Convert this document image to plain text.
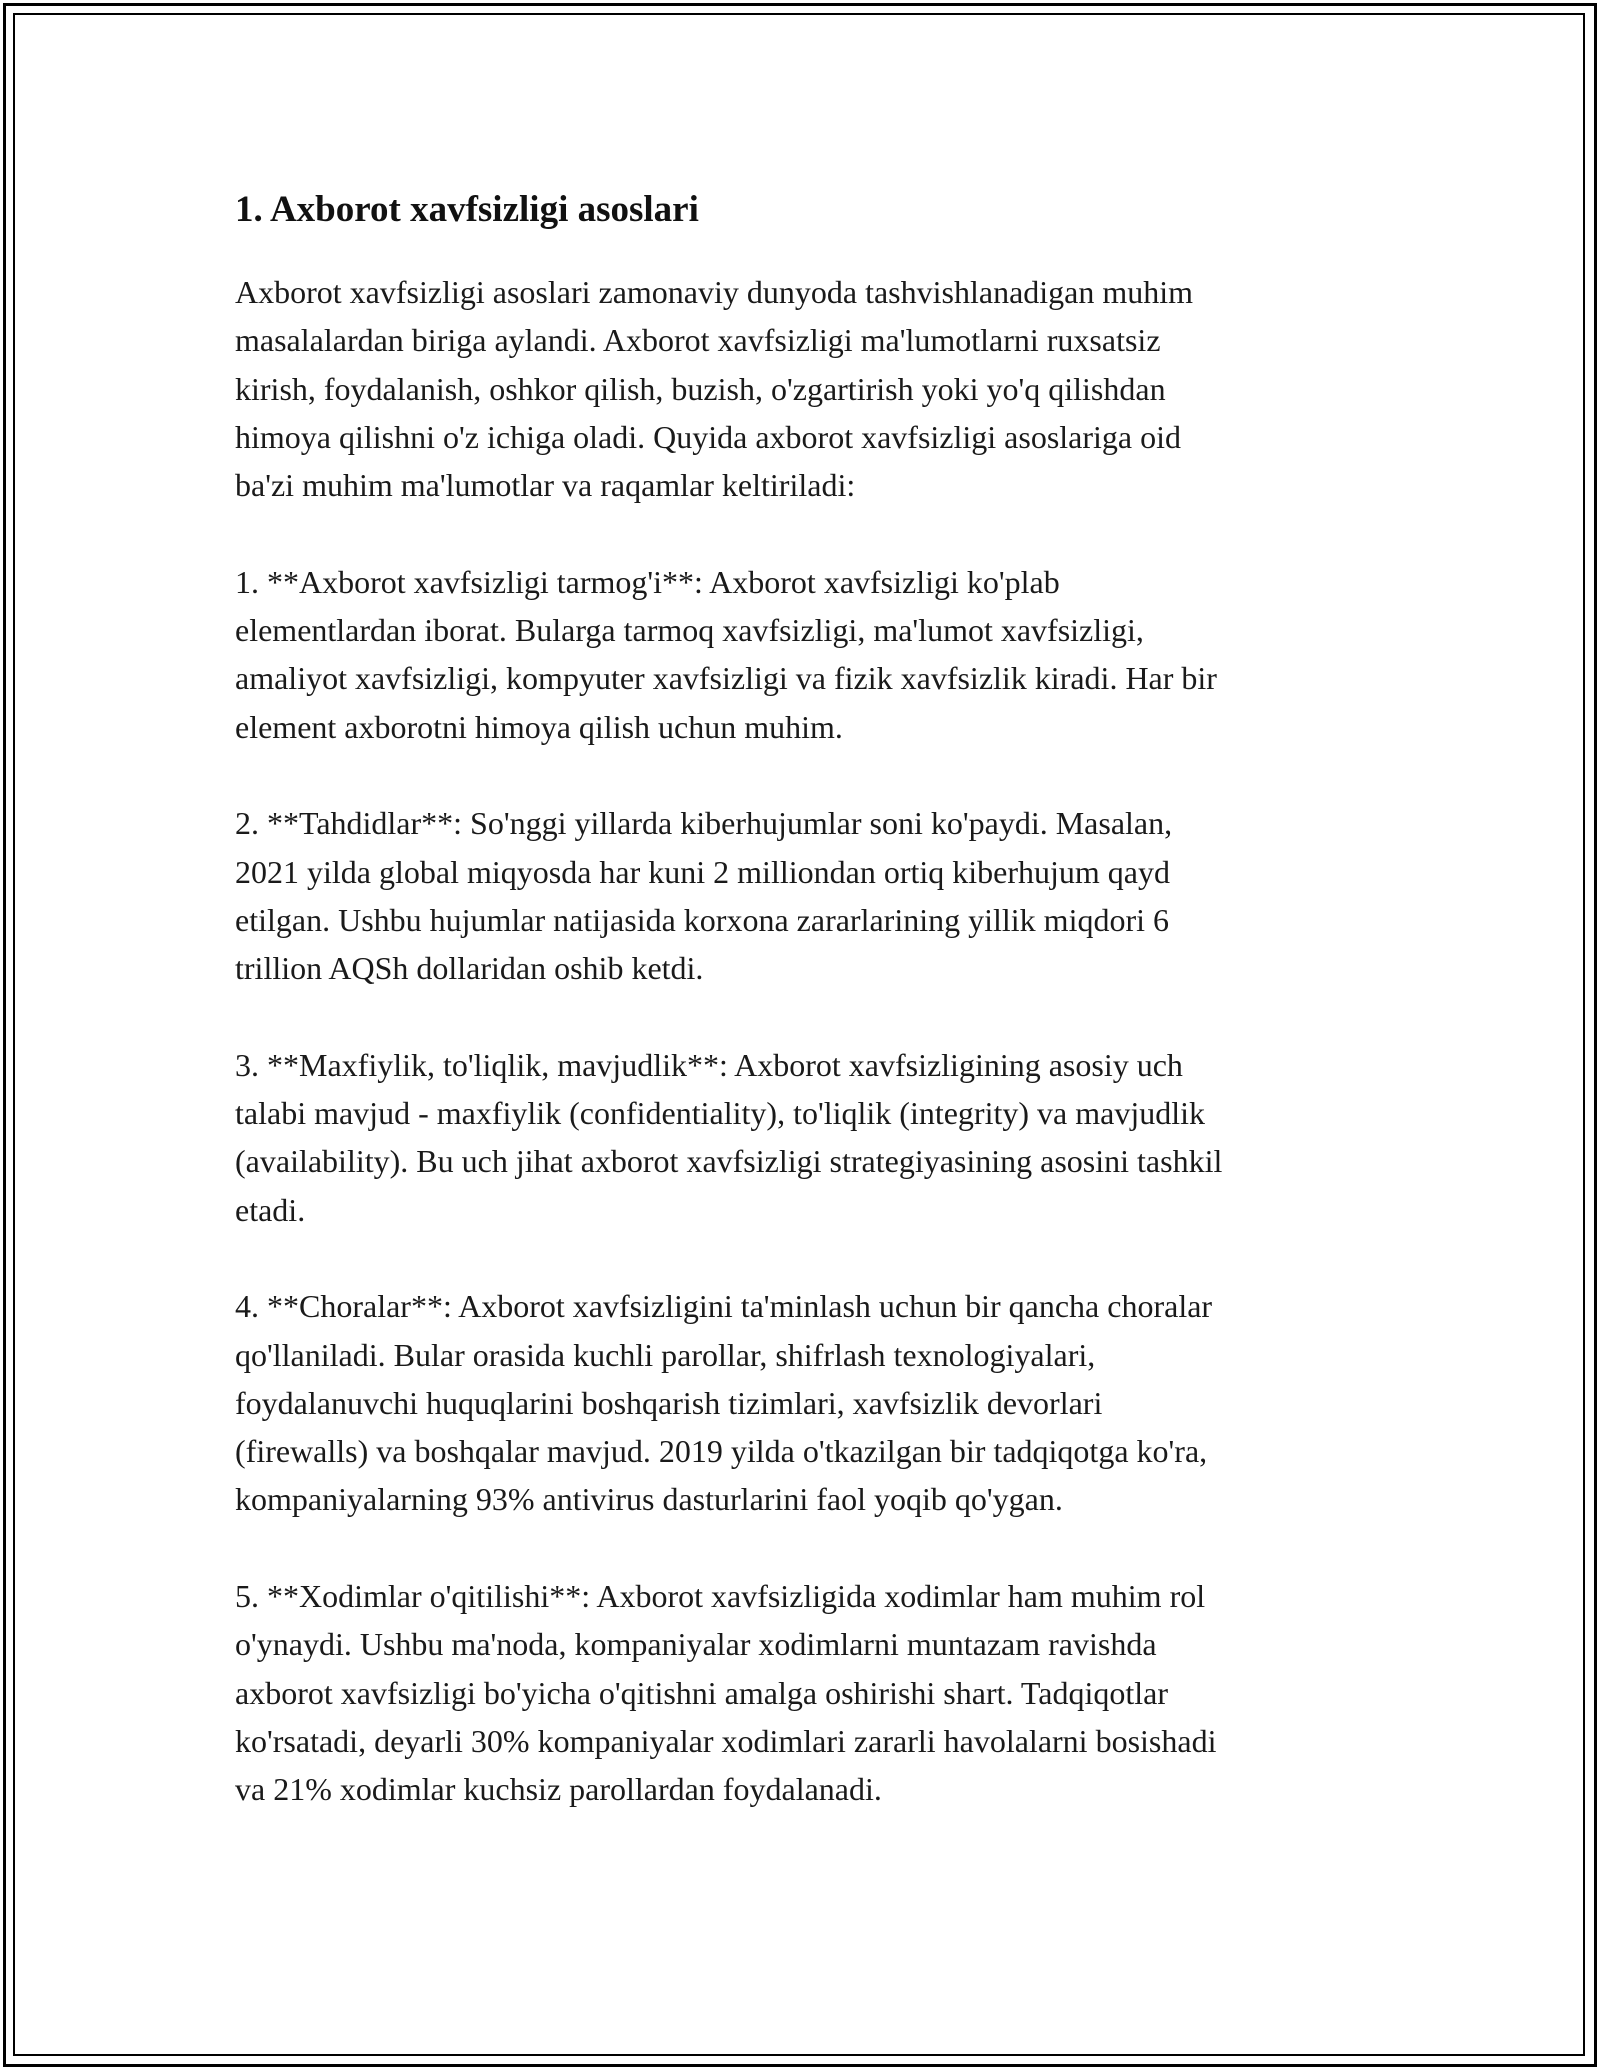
1. Axborot xavfsizligi asoslari

Axborot xavfsizligi asoslari zamonaviy dunyoda tashvishlanadigan muhim
masalalardan biriga aylandi. Axborot xavfsizligi ma'lumotlarni ruxsatsiz
kirish, foydalanish, oshkor qilish, buzish, o'zgartirish yoki yo'q qilishdan
himoya qilishni o'z ichiga oladi. Quyida axborot xavfsizligi asoslariga oid
ba'zi muhim ma'lumotlar va raqamlar keltiriladi:

1. **Axborot xavfsizligi tarmog'i**: Axborot xavfsizligi ko'plab
elementlardan iborat. Bularga tarmoq xavfsizligi, ma'lumot xavfsizligi,
amaliyot xavfsizligi, kompyuter xavfsizligi va fizik xavfsizlik kiradi. Har bir
element axborotni himoya qilish uchun muhim.

2. **Tahdidlar**: So'nggi yillarda kiberhujumlar soni ko'paydi. Masalan,
2021 yilda global miqyosda har kuni 2 milliondan ortiq kiberhujum qayd
etilgan. Ushbu hujumlar natijasida korxona zararlarining yillik miqdori 6
trillion AQSh dollaridan oshib ketdi.

3. **Maxfiylik, to'liqlik, mavjudlik**: Axborot xavfsizligining asosiy uch
talabi mavjud - maxfiylik (confidentiality), to'liqlik (integrity) va mavjudlik
(availability). Bu uch jihat axborot xavfsizligi strategiyasining asosini tashkil
etadi.

4. **Choralar**: Axborot xavfsizligini ta'minlash uchun bir qancha choralar
qo'llaniladi. Bular orasida kuchli parollar, shifrlash texnologiyalari,
foydalanuvchi huquqlarini boshqarish tizimlari, xavfsizlik devorlari
(firewalls) va boshqalar mavjud. 2019 yilda o'tkazilgan bir tadqiqotga ko'ra,
kompaniyalarning 93% antivirus dasturlarini faol yoqib qo'ygan.

5. **Xodimlar o'qitilishi**: Axborot xavfsizligida xodimlar ham muhim rol
o'ynaydi. Ushbu ma'noda, kompaniyalar xodimlarni muntazam ravishda
axborot xavfsizligi bo'yicha o'qitishni amalga oshirishi shart. Tadqiqotlar
ko'rsatadi, deyarli 30% kompaniyalar xodimlari zararli havolalarni bosishadi
va 21% xodimlar kuchsiz parollardan foydalanadi.
